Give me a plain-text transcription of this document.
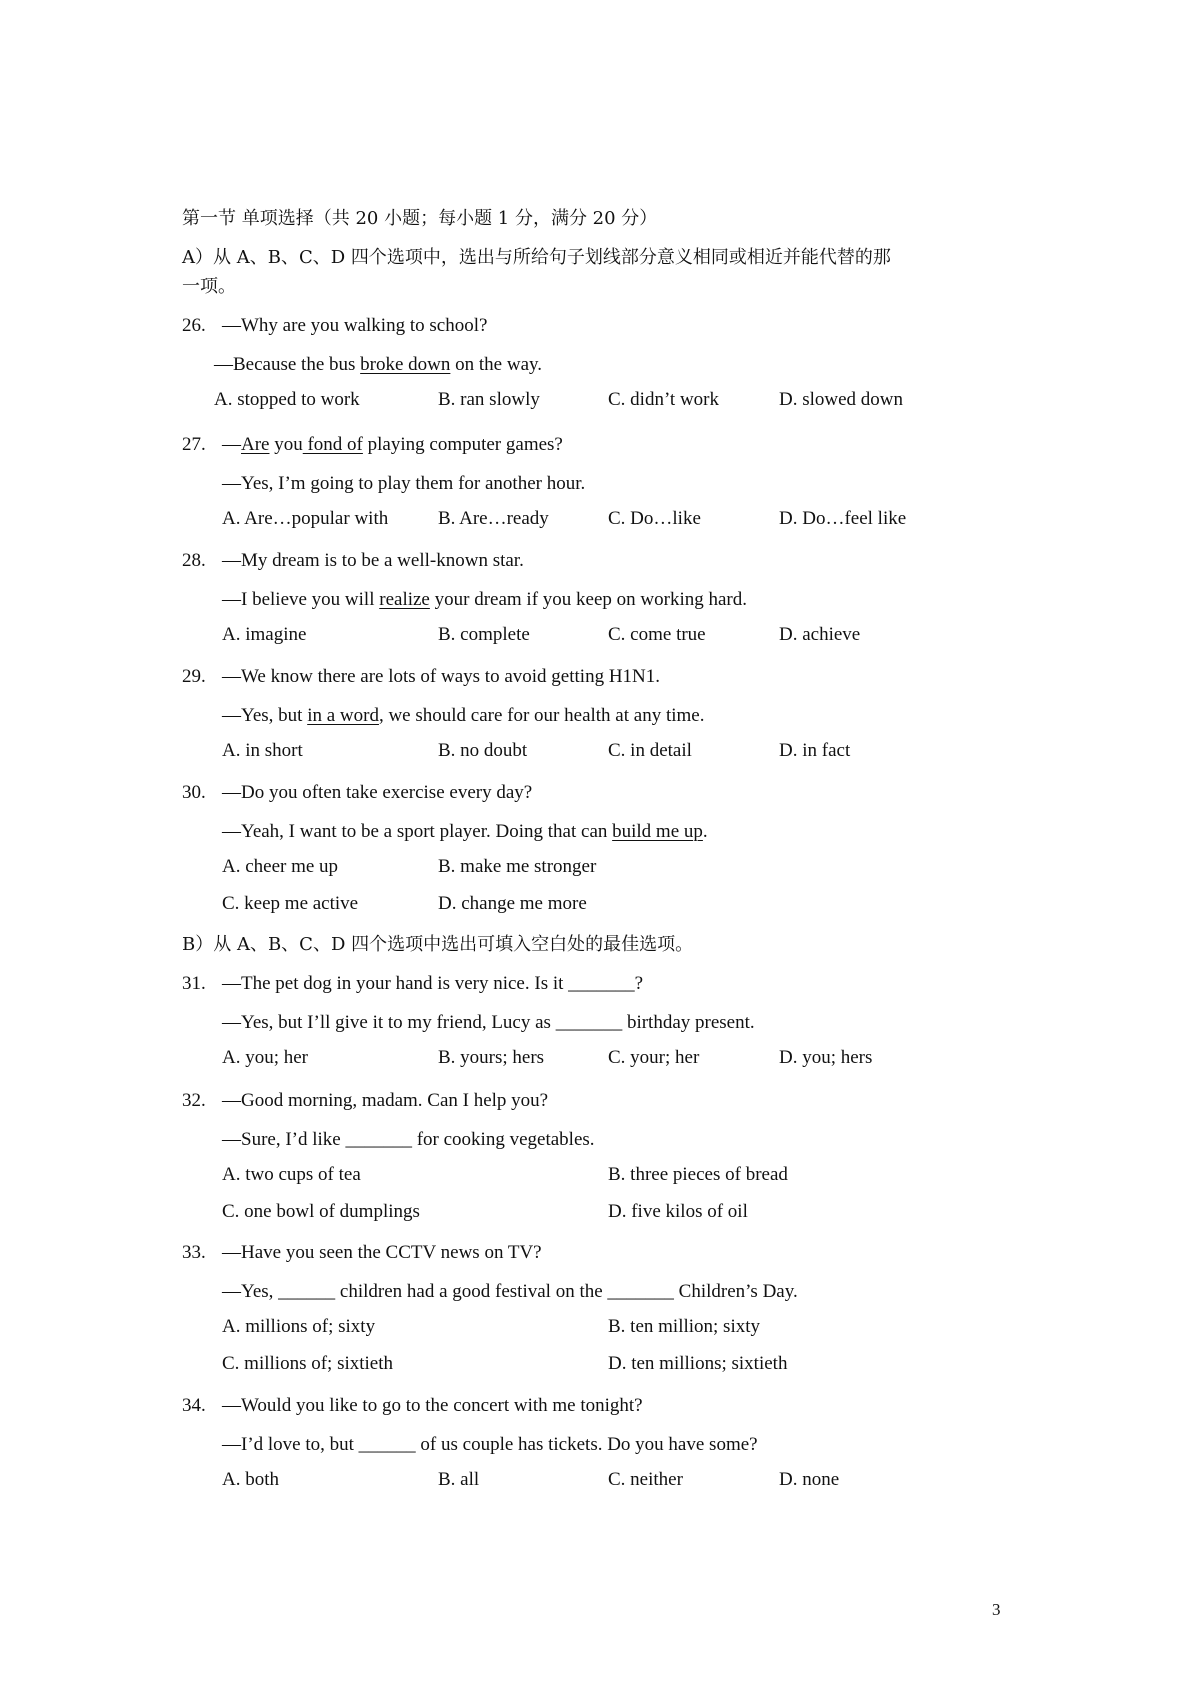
第一节 单项选择（共 20 小题；每小题 1 分，满分 20 分）
A）从 A、B、C、D 四个选项中，选出与所给句子划线部分意义相同或相近并能代替的那
一项。
B）从 A、B、C、D 四个选项中选出可填入空白处的最佳选项。
26. —Why are you walking to school?
—Because the bus broke down on the way.
A. stopped to work	B. ran slowly	C. didn’t work	D. slowed down
27. —Are you fond of playing computer games?
—Yes, I’m going to play them for another hour.
A. Are…popular with	B. Are…ready	C. Do…like	D. Do…feel like
28. —My dream is to be a well-known star.
—I believe you will realize your dream if you keep on working hard.
A. imagine	B. complete	C. come true	D. achieve
29. —We know there are lots of ways to avoid getting H1N1.
—Yes, but in a word, we should care for our health at any time.
A. in short	B. no doubt	C. in detail	D. in fact
30. —Do you often take exercise every day?
—Yeah, I want to be a sport player. Doing that can build me up.
A. cheer me up	B. make me stronger
C. keep me active	D. change me more
31. —The pet dog in your hand is very nice. Is it _______?
—Yes, but I’ll give it to my friend, Lucy as _______ birthday present.
A. you; her	B. yours; hers	C. your; her	D. you; hers
32. —Good morning, madam. Can I help you?
—Sure, I’d like _______ for cooking vegetables.
A. two cups of tea	B. three pieces of bread
C. one bowl of dumplings	D. five kilos of oil
33. —Have you seen the CCTV news on TV?
—Yes, ______ children had a good festival on the _______ Children’s Day.
A. millions of; sixty	B. ten million; sixty
C. millions of; sixtieth	D. ten millions; sixtieth
34. —Would you like to go to the concert with me tonight?
—I’d love to, but ______ of us couple has tickets. Do you have some?
A. both	B. all	C. neither	D. none
3
